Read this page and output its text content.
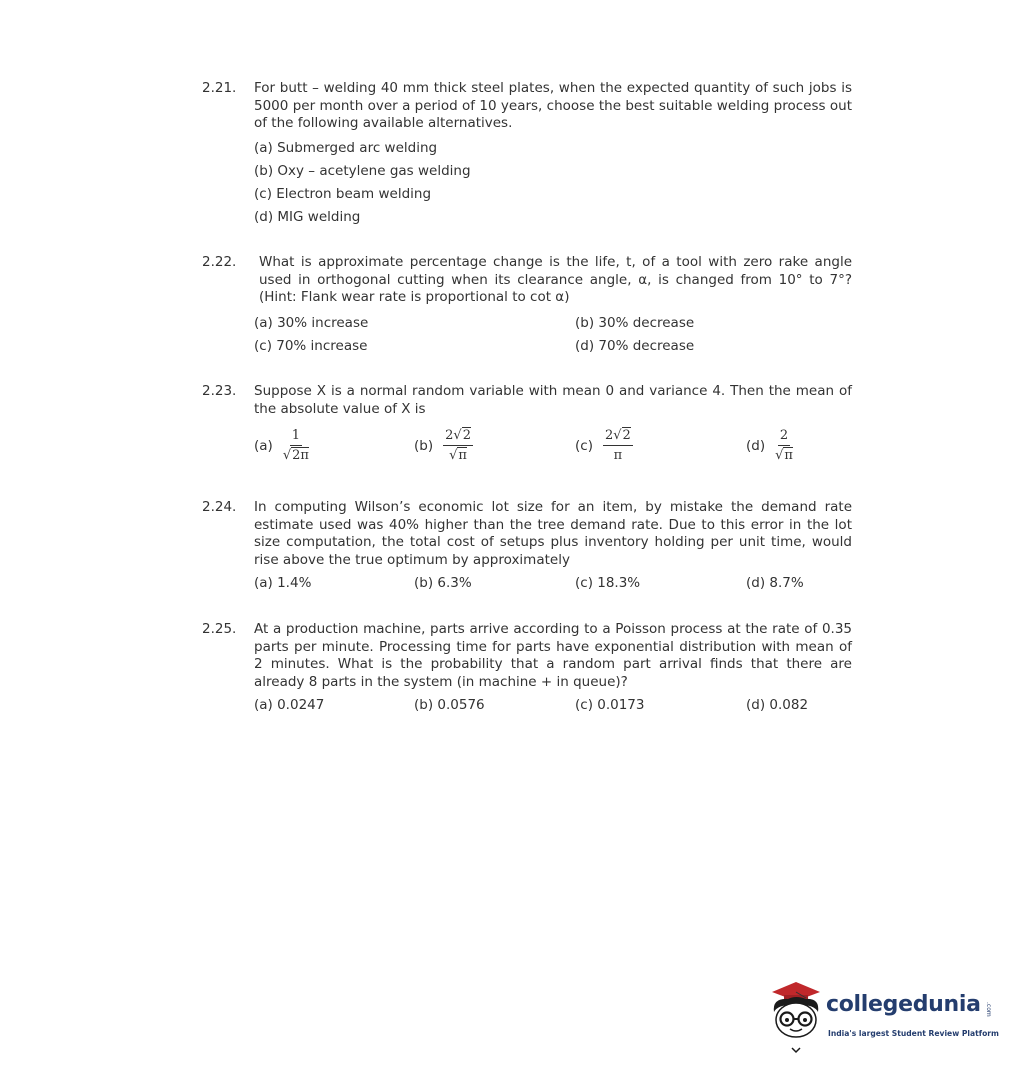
2.21. For butt – welding 40 mm thick steel plates, when the expected quantity of such jobs is 5000 per month over a period of 10 years, choose the best suitable welding process out of the following available alternatives.
(a) Submerged arc welding
(b) Oxy – acetylene gas welding
(c) Electron beam welding
(d) MIG welding
2.22. What is approximate percentage change is the life, t, of a tool with zero rake angle used in orthogonal cutting when its clearance angle, α, is changed from 10° to 7°? (Hint: Flank wear rate is proportional to cot α)
(a) 30% increase	(b) 30% decrease
(c) 70% increase	(d) 70% decrease
2.23. Suppose X is a normal random variable with mean 0 and variance 4. Then the mean of the absolute value of X is
$(a) \frac{1}{√2\pi}$	$(b) \frac{2√2}{√\pi}$	$(c) \frac{2√2}{\pi}$	$(d) \frac{2}{√\pi}$
2.24. In computing Wilson’s economic lot size for an item, by mistake the demand rate estimate used was 40% higher than the tree demand rate. Due to this error in the lot size computation, the total cost of setups plus inventory holding per unit time, would rise above the true optimum by approximately
(a) 1.4%	(b) 6.3%	(c) 18.3%	(d) 8.7%
2.25. At a production machine, parts arrive according to a Poisson process at the rate of 0.35 parts per minute. Processing time for parts have exponential distribution with mean of 2 minutes. What is the probability that a random part arrival finds that there are already 8 parts in the system (in machine + in queue)?
(a) 0.0247	(b) 0.0576	(c) 0.0173	(d) 0.082
collegedunia .com
India's largest Student Review Platform
